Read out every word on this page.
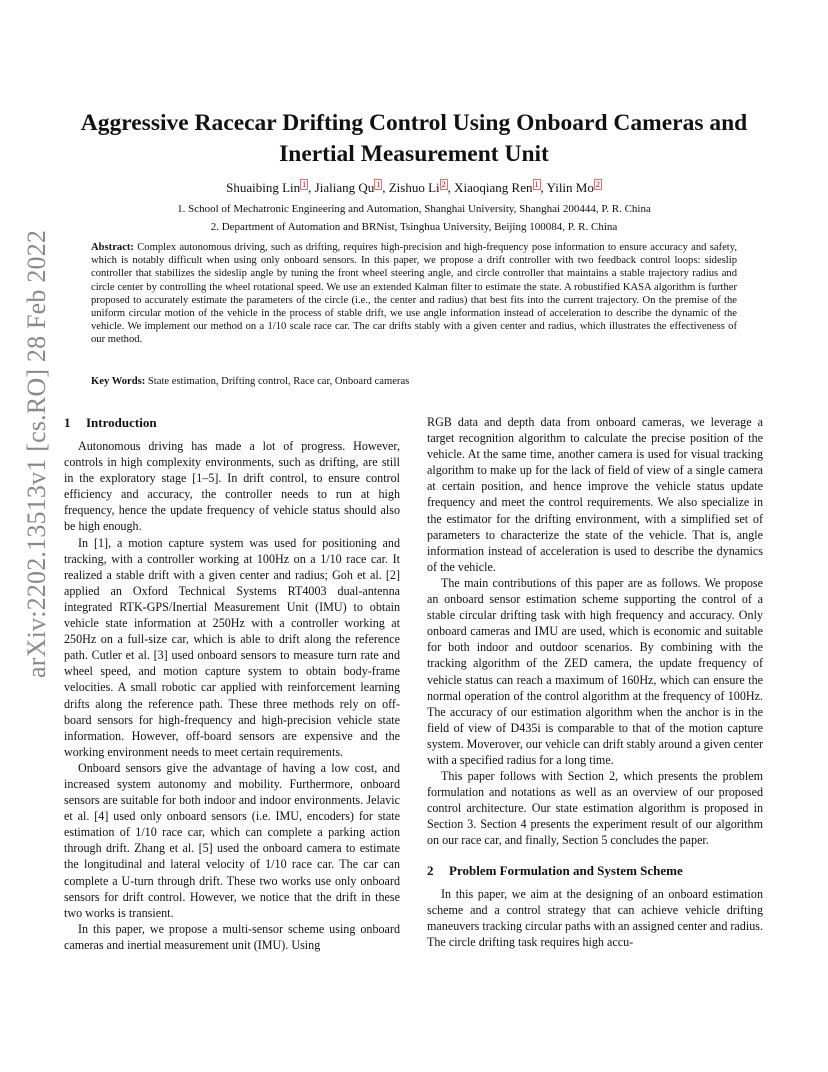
arXiv:2202.13513v1 [cs.RO] 28 Feb 2022
Aggressive Racecar Drifting Control Using Onboard Cameras and Inertial Measurement Unit
Shuaibing Lin $^1$ , Jialiang Qu $^1$ , Zishuo Li $^2$ , Xiaoqiang Ren $^1$ , Yilin Mo $^2$
1. School of Mechatronic Engineering and Automation, Shanghai University, Shanghai 200444, P. R. China
2. Department of Automation and BRNist, Tsinghua University, Beijing 100084, P. R. China

Abstract: Complex autonomous driving, such as drifting, requires high-precision and high-frequency pose information to ensure accuracy and safety, which is notably difficult when using only onboard sensors. In this paper, we propose a drift controller with two feedback control loops: sideslip controller that stabilizes the sideslip angle by tuning the front wheel steering angle, and circle controller that maintains a stable trajectory radius and circle center by controlling the wheel rotational speed. We use an extended Kalman filter to estimate the state. A robustified KASA algorithm is further proposed to accurately estimate the parameters of the circle (i.e., the center and radius) that best fits into the current trajectory. On the premise of the uniform circular motion of the vehicle in the process of stable drift, we use angle information instead of acceleration to describe the dynamic of the vehicle. We implement our method on a 1/10 scale race car. The car drifts stably with a given center and radius, which illustrates the effectiveness of our method.

Key Words: State estimation, Drifting control, Race car, Onboard cameras
1 Introduction

Autonomous driving has made a lot of progress. However, controls in high complexity environments, such as drifting, are still in the exploratory stage [1–5]. In drift control, to ensure control efficiency and accuracy, the controller needs to run at high frequency, hence the update frequency of vehicle status should also be high enough.

In [1], a motion capture system was used for positioning and tracking, with a controller working at 100Hz on a 1/10 race car. It realized a stable drift with a given center and radius; Goh et al. [2] applied an Oxford Technical Systems RT4003 dual-antenna integrated RTK-GPS/Inertial Measurement Unit (IMU) to obtain vehicle state information at 250Hz with a controller working at 250Hz on a full-size car, which is able to drift along the reference path. Cutler et al. [3] used onboard sensors to measure turn rate and wheel speed, and motion capture system to obtain body-frame velocities. A small robotic car applied with reinforcement learning drifts along the reference path. These three methods rely on off-board sensors for high-frequency and high-precision vehicle state information. However, off-board sensors are expensive and the working environment needs to meet certain requirements.

Onboard sensors give the advantage of having a low cost, and increased system autonomy and mobility. Furthermore, onboard sensors are suitable for both indoor and indoor environments. Jelavic et al. [4] used only onboard sensors (i.e. IMU, encoders) for state estimation of 1/10 race car, which can complete a parking action through drift. Zhang et al. [5] used the onboard camera to estimate the longitudinal and lateral velocity of 1/10 race car. The car can complete a U-turn through drift. These two works use only onboard sensors for drift control. However, we notice that the drift in these two works is transient.

In this paper, we propose a multi-sensor scheme using onboard cameras and inertial measurement unit (IMU). Using

RGB data and depth data from onboard cameras, we leverage a target recognition algorithm to calculate the precise position of the vehicle. At the same time, another camera is used for visual tracking algorithm to make up for the lack of field of view of a single camera at certain position, and hence improve the vehicle status update frequency and meet the control requirements. We also specialize in the estimator for the drifting environment, with a simplified set of parameters to characterize the state of the vehicle. That is, angle information instead of acceleration is used to describe the dynamics of the vehicle.

The main contributions of this paper are as follows. We propose an onboard sensor estimation scheme supporting the control of a stable circular drifting task with high frequency and accuracy. Only onboard cameras and IMU are used, which is economic and suitable for both indoor and outdoor scenarios. By combining with the tracking algorithm of the ZED camera, the update frequency of vehicle status can reach a maximum of 160Hz, which can ensure the normal operation of the control algorithm at the frequency of 100Hz. The accuracy of our estimation algorithm when the anchor is in the field of view of D435i is comparable to that of the motion capture system. Moverover, our vehicle can drift stably around a given center with a specified radius for a long time.

This paper follows with Section 2, which presents the problem formulation and notations as well as an overview of our proposed control architecture. Our state estimation algorithm is proposed in Section 3. Section 4 presents the experiment result of our algorithm on our race car, and finally, Section 5 concludes the paper.

2 Problem Formulation and System Scheme

In this paper, we aim at the designing of an onboard estimation scheme and a control strategy that can achieve vehicle drifting maneuvers tracking circular paths with an assigned center and radius. The circle drifting task requires high accu-
